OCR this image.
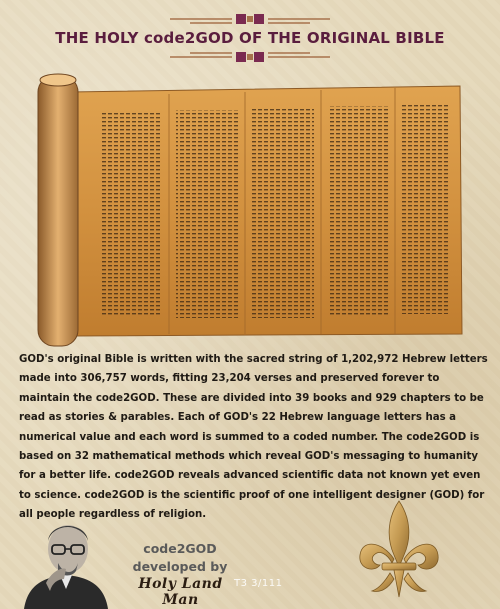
THE HOLY code2GOD OF THE ORIGINAL BIBLE

GOD's original Bible is written with the sacred string of 1,202,972 Hebrew letters made into 306,757 words, fitting 23,204 verses and preserved forever to maintain the code2GOD. These are divided into 39 books and 929 chapters to be read as stories & parables. Each of GOD's 22 Hebrew language letters has a numerical value and each word is summed to a coded number. The code2GOD is based on 32 mathematical methods which reveal GOD's messaging to humanity for a better life. code2GOD reveals advanced scientific data not known yet even to science. code2GOD is the scientific proof of one intelligent designer (GOD) for all people regardless of religion.

code2GOD
developed by
Holy Land Man
T3 3/111
